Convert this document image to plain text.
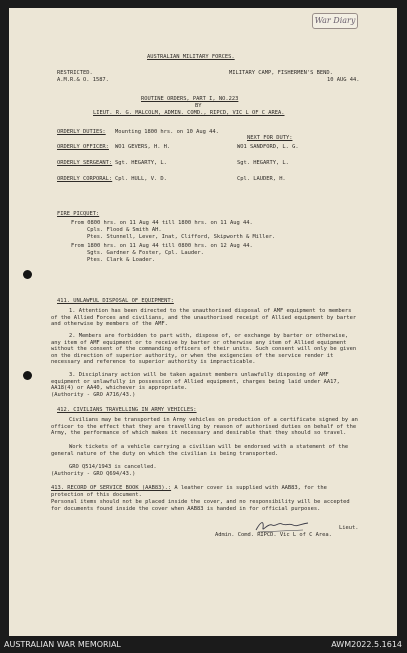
War Diary
AUSTRALIAN MILITARY FORCES.
RESTRICTED.
A.M.R.& O. 1587.
MILITARY CAMP, FISHERMEN'S BEND.
10 AUG 44.
ROUTINE ORDERS, PART I, NO.223
BY
LIEUT. R. G. MALCOLM, ADMIN. COMD., RIPCD, VIC L OF C AREA.
ORDERLY DUTIES: Mounting 1800 hrs. on 10 Aug 44.
NEXT FOR DUTY:
ORDERLY OFFICER: WO1 GEVERS, H. H.	WO1 SANDFORD, L. G.
ORDERLY SERGEANT: Sgt. HEGARTY, L.	Sgt. HEGARTY, L.
ORDERLY CORPORAL: Cpl. HULL, V. D.	Cpl. LAUDER, H.
FIRE PICQUET:
From 0800 hrs. on 11 Aug 44 till 1800 hrs. on 11 Aug 44.
Cpls. Flood & Smith AH.
Ptes. Stunnell, Lever, Inat, Clifford, Skipworth & Miller.
From 1800 hrs. on 11 Aug 44 till 0800 hrs. on 12 Aug 44.
Sgts. Gardner & Foster, Cpl. Lauder.
Ptes. Clark & Loader.
411. UNLAWFUL DISPOSAL OF EQUIPMENT:
1. Attention has been directed to the unauthorised disposal of AMF equipment to members of the Allied Forces and civilians, and the unauthorised receipt of Allied equipment by barter and otherwise by members of the AMF.
2. Members are forbidden to part with, dispose of, or exchange by barter or otherwise, any item of AMF equipment or to receive by barter or otherwise any item of Allied equipment without the consent of the commanding officers of their units. Such consent will only be given on the direction of superior authority, or when the exigencies of the service render it necessary and reference to superior authority is impracticable.
3. Disciplinary action will be taken against members unlawfully disposing of AMF equipment or unlawfully in possession of Allied equipment, charges being laid under AA17, AA18(4) or AA40, whichever is appropriate.
(Authority - GRO A716/43.)
412. CIVILIANS TRAVELLING IN ARMY VEHICLES:
Civilians may be transported in Army vehicles on production of a certificate signed by an officer to the effect that they are travelling by reason of authorised duties on behalf of the Army, the performance of which makes it necessary and desirable that they should so travel.
Work tickets of a vehicle carrying a civilian will be endorsed with a statement of the general nature of the duty on which the civilian is being transported.
GRO Q514/1943 is cancelled.
(Authority - GRO Q694/43.)
413. RECORD OF SERVICE BOOK (AAB83).: A leather cover is supplied with AAB83, for the protection of this document.
Personal items should not be placed inside the cover, and no responsibility will be accepted for documents found inside the cover when AAB83 is handed in for official purposes.
Lieut.
Admin. Comd. RIPCD. Vic L of C Area.
AUSTRALIAN WAR MEMORIAL	AWM2022.5.1614
